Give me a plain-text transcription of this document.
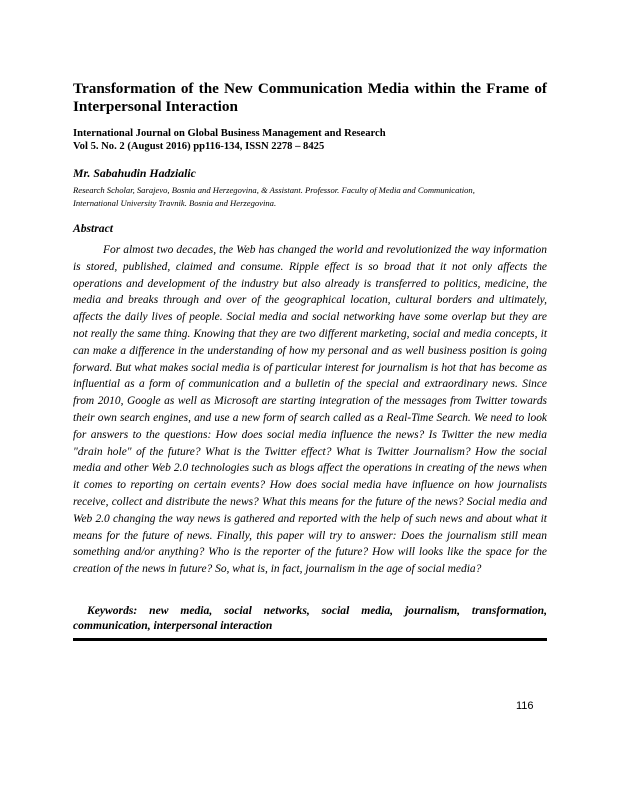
Transformation of the New Communication Media within the Frame of Interpersonal Interaction
International Journal on Global Business Management and Research
Vol 5. No. 2 (August 2016) pp116-134, ISSN 2278 – 8425
Mr. Sabahudin Hadzialic
Research Scholar, Sarajevo, Bosnia and Herzegovina, & Assistant. Professor. Faculty of Media and Communication,
International University Travnik. Bosnia and Herzegovina.
Abstract

For almost two decades, the Web has changed the world and revolutionized the way information is stored, published, claimed and consume. Ripple effect is so broad that it not only affects the operations and development of the industry but also already is transferred to politics, medicine, the media and breaks through and over of the geographical location, cultural borders and ultimately, affects the daily lives of people. Social media and social networking have some overlap but they are not really the same thing. Knowing that they are two different marketing, social and media concepts, it can make a difference in the understanding of how my personal and as well business position is going forward. But what makes social media is of particular interest for journalism is hot that has become as influential as a form of communication and a bulletin of the special and extraordinary news. Since from 2010, Google as well as Microsoft are starting integration of the messages from Twitter towards their own search engines, and use a new form of search called as a Real-Time Search. We need to look for answers to the questions: How does social media influence the news? Is Twitter the new media "drain hole" of the future? What is the Twitter effect? What is Twitter Journalism? How the social media and other Web 2.0 technologies such as blogs affect the operations in creating of the news when it comes to reporting on certain events? How does social media have influence on how journalists receive, collect and distribute the news? What this means for the future of the news? Social media and Web 2.0 changing the way news is gathered and reported with the help of such news and about what it means for the future of news. Finally, this paper will try to answer: Does the journalism still mean something and/or anything? Who is the reporter of the future? How will looks like the space for the creation of the news in future? So, what is, in fact, journalism in the age of social media?

Keywords: new media, social networks, social media, journalism, transformation, communication, interpersonal interaction

116
